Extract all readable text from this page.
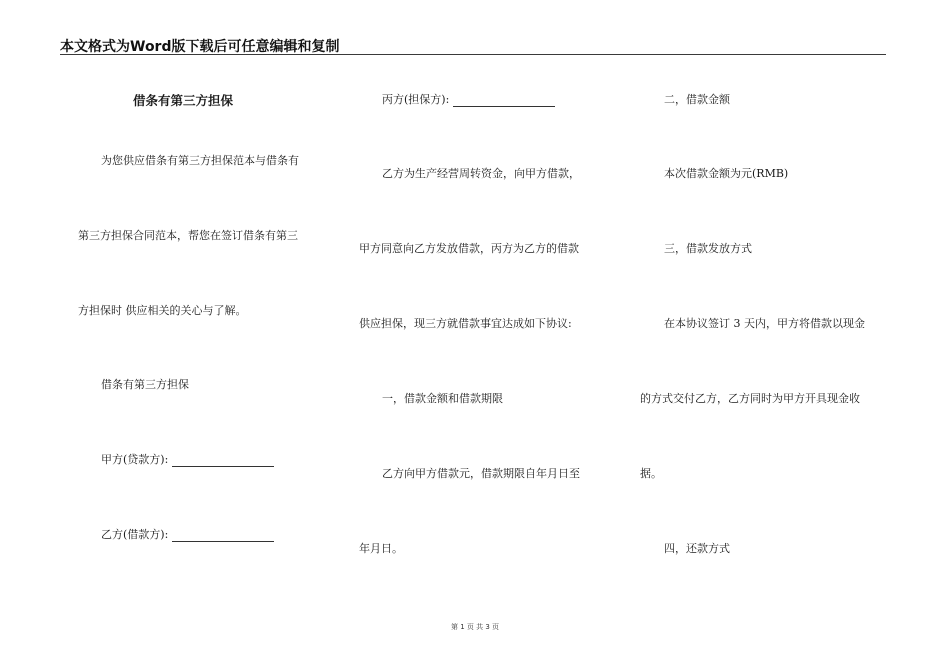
本文格式为Word版下载后可任意编辑和复制
借条有第三方担保
为您供应借条有第三方担保范本与借条有
第三方担保合同范本，帮您在签订借条有第三
方担保时 供应相关的关心与了解。
借条有第三方担保
甲方(贷款方):
乙方(借款方):
丙方(担保方):
乙方为生产经营周转资金，向甲方借款，
甲方同意向乙方发放借款，丙方为乙方的借款
供应担保，现三方就借款事宜达成如下协议:
一，借款金额和借款期限
乙方向甲方借款元，借款期限自年月日至
年月日。
二，借款金额
本次借款金额为元(RMB)
三，借款发放方式
在本协议签订 3 天内，甲方将借款以现金
的方式交付乙方，乙方同时为甲方开具现金收
据。
四，还款方式
第 1 页 共 3 页
